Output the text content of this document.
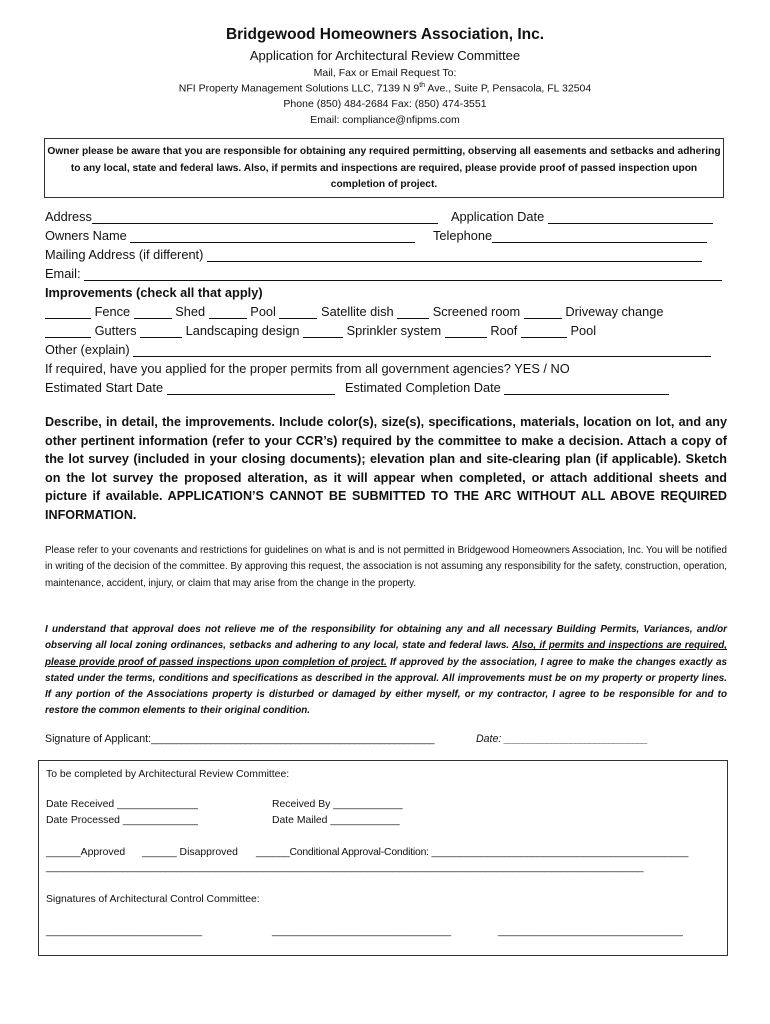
Bridgewood Homeowners Association, Inc.
Application for Architectural Review Committee
Mail, Fax or Email Request To:
NFI Property Management Solutions LLC, 7139 N 9th Ave., Suite P, Pensacola, FL 32504
Phone (850) 484-2684 Fax: (850) 474-3551
Email: compliance@nfipms.com
Owner please be aware that you are responsible for obtaining any required permitting, observing all easements and setbacks and adhering to any local, state and federal laws. Also, if permits and inspections are required, please provide proof of passed inspection upon completion of project.
Address	Application Date
Owners Name	Telephone
Mailing Address (if different)
Email:
Improvements (check all that apply)
Fence	Shed	Pool	Satellite dish	Screened room	Driveway change
Gutters	Landscaping design	Sprinkler system	Roof	Pool
Other (explain)
If required, have you applied for the proper permits from all government agencies? YES / NO
Estimated Start Date	Estimated Completion Date
Describe, in detail, the improvements. Include color(s), size(s), specifications, materials, location on lot, and any other pertinent information (refer to your CCR’s) required by the committee to make a decision. Attach a copy of the lot survey (included in your closing documents); elevation plan and site-clearing plan (if applicable). Sketch on the lot survey the proposed alteration, as it will appear when completed, or attach additional sheets and picture if available. APPLICATION’S CANNOT BE SUBMITTED TO THE ARC WITHOUT ALL ABOVE REQUIRED INFORMATION.
Please refer to your covenants and restrictions for guidelines on what is and is not permitted in Bridgewood Homeowners Association, Inc. You will be notified in writing of the decision of the committee. By approving this request, the association is not assuming any responsibility for the safety, construction, operation, maintenance, accident, injury, or claim that may arise from the change in the property.
I understand that approval does not relieve me of the responsibility for obtaining any and all necessary Building Permits, Variances, and/or observing all local zoning ordinances, setbacks and adhering to any local, state and federal laws. Also, if permits and inspections are required, please provide proof of passed inspections upon completion of project. If approved by the association, I agree to make the changes exactly as stated under the terms, conditions and specifications as described in the approval. All improvements must be on my property or property lines. If any portion of the Associations property is disturbed or damaged by either myself, or my contractor, I agree to be responsible for and to restore the common elements to their original condition.
Signature of Applicant:_________________________________________________________	Date: ______________________________
To be completed by Architectural Review Committee:
Date Received ______________	Received By ____________
Date Processed _____________	Date Mailed ____________
______Approved ______ Disapproved ______Conditional Approval-Condition: ______________________________________________
______________________________________________________________________________________________________________
Signatures of Architectural Control Committee:
___________________________	_______________________________	________________________________
